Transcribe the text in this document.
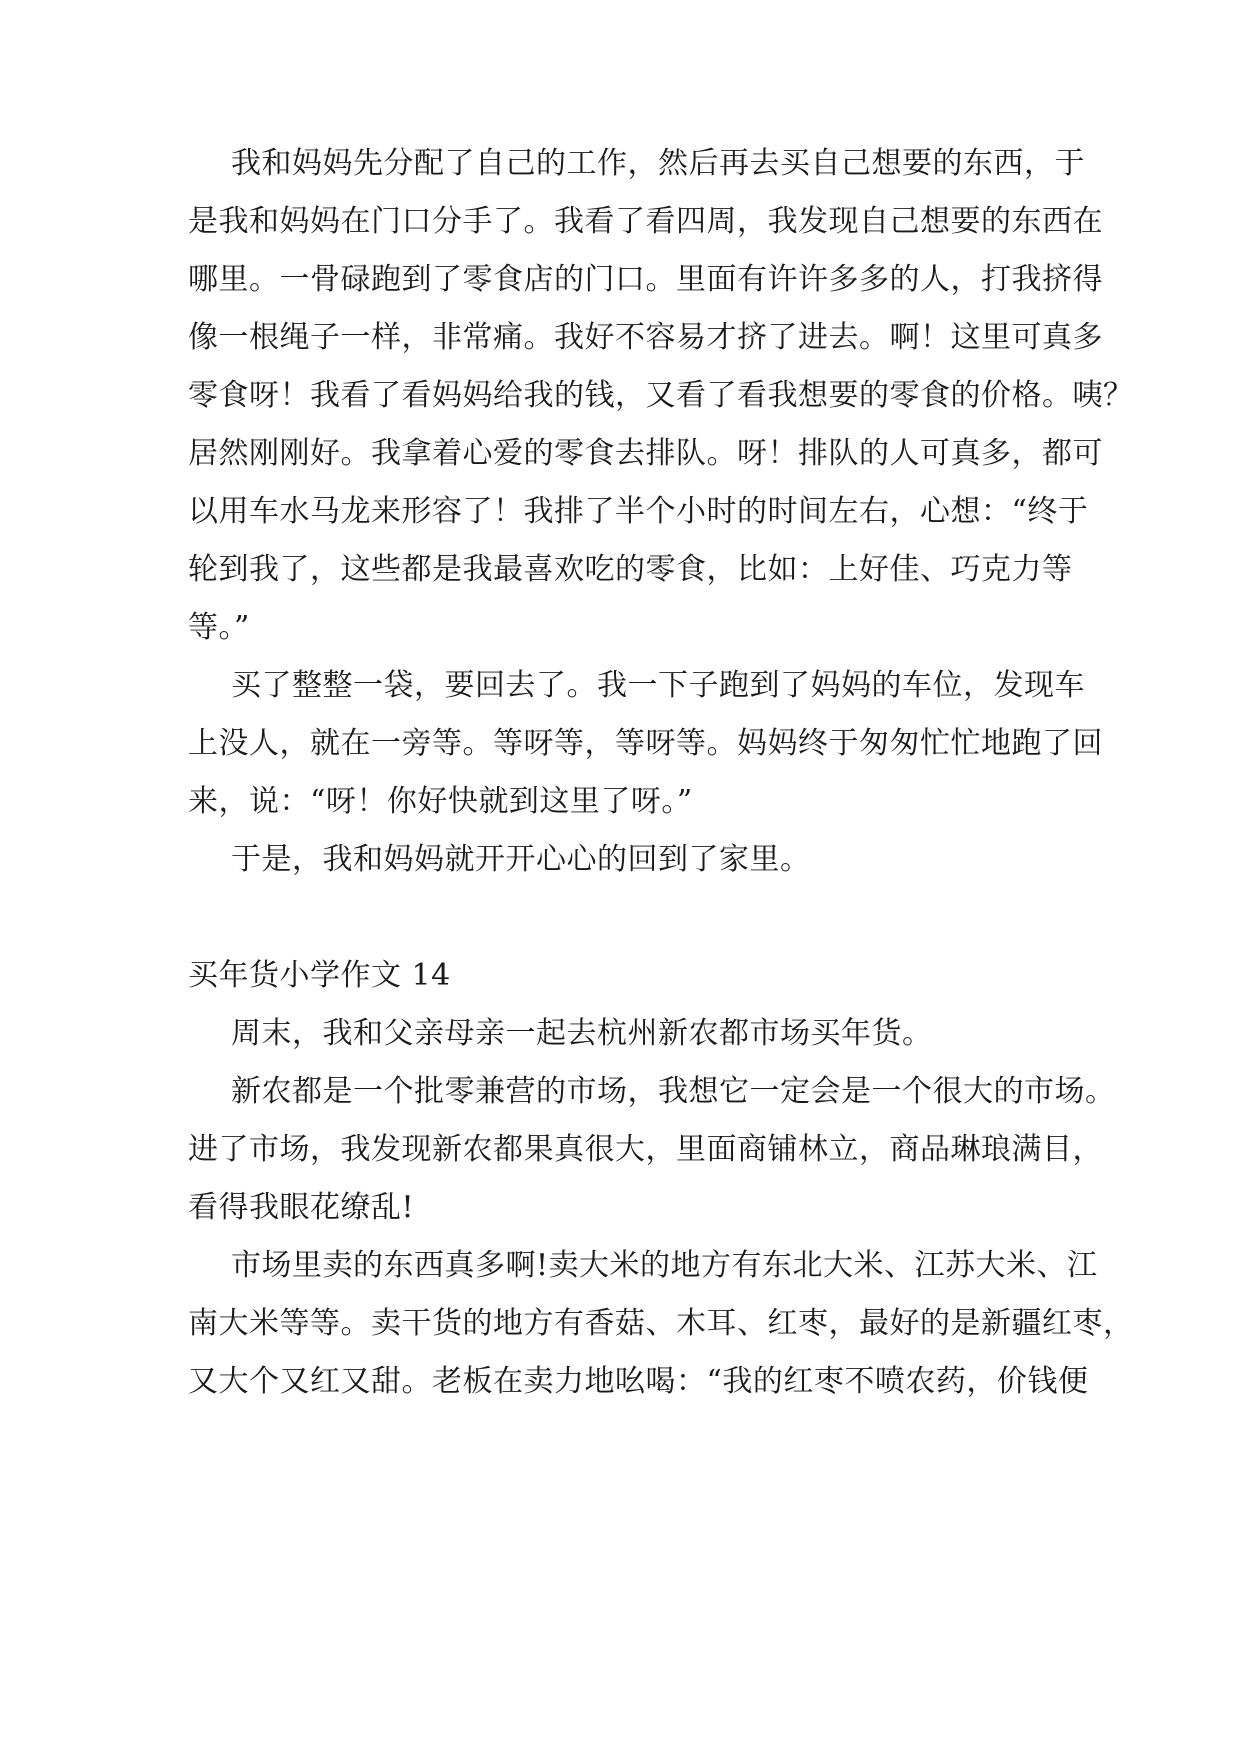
我和妈妈先分配了自己的工作，然后再去买自己想要的东西，于
是我和妈妈在门口分手了。我看了看四周，我发现自己想要的东西在
哪里。一骨碌跑到了零食店的门口。里面有许许多多的人，打我挤得
像一根绳子一样，非常痛。我好不容易才挤了进去。啊！这里可真多
零食呀！我看了看妈妈给我的钱，又看了看我想要的零食的价格。咦？
居然刚刚好。我拿着心爱的零食去排队。呀！排队的人可真多，都可
以用车水马龙来形容了！我排了半个小时的时间左右，心想：“终于
轮到我了，这些都是我最喜欢吃的零食，比如：上好佳、巧克力等
等。”
买了整整一袋，要回去了。我一下子跑到了妈妈的车位，发现车
上没人，就在一旁等。等呀等，等呀等。妈妈终于匆匆忙忙地跑了回
来，说：“呀！你好快就到这里了呀。”
于是，我和妈妈就开开心心的回到了家里。
买年货小学作文 14
周末，我和父亲母亲一起去杭州新农都市场买年货。
新农都是一个批零兼营的市场，我想它一定会是一个很大的市场。
进了市场，我发现新农都果真很大，里面商铺林立，商品琳琅满目，
看得我眼花缭乱!
市场里卖的东西真多啊!卖大米的地方有东北大米、江苏大米、江
南大米等等。卖干货的地方有香菇、木耳、红枣，最好的是新疆红枣，
又大个又红又甜。老板在卖力地吆喝：“我的红枣不喷农药，价钱便
